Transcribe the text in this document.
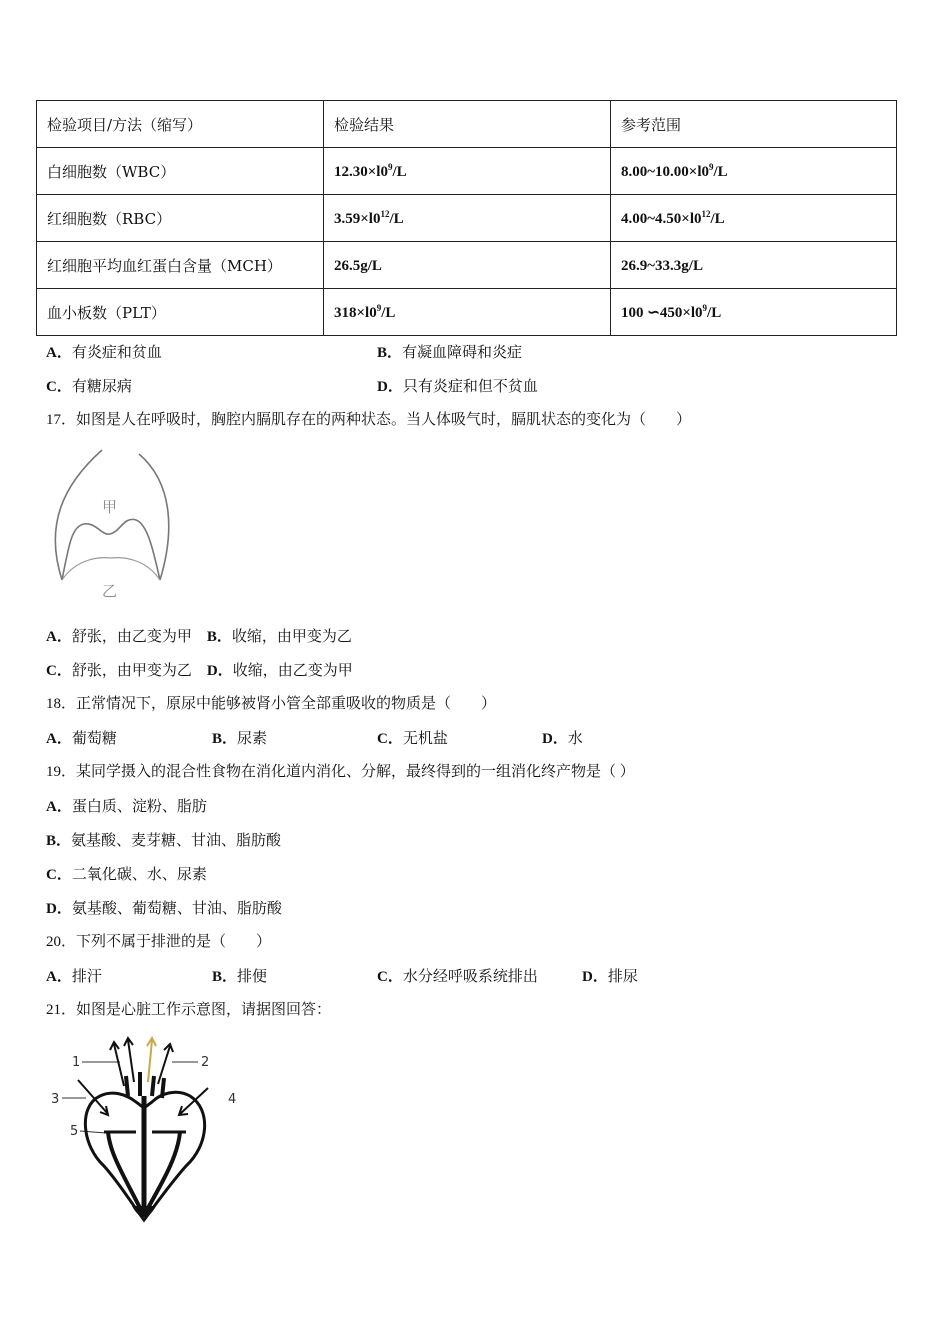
检验项目/方法（缩写）	检验结果	参考范围
白细胞数（WBC）	$12.30\times l0^9/L$	$8.00\sim 10.00\times l0^9/L$
红细胞数（RBC）	$3.59\times l0^{12}/L$	$4.00\sim 4.50\times l0^{12}/L$
红细胞平均血红蛋白含量（MCH）	26.5g/L	26.9~33.3g/L
血小板数（PLT）	$318\times l0^9/L$	100 $∽450\times l0^9/L$
A．有炎症和贫血	B．有凝血障碍和炎症
C．有糖尿病	D．只有炎症和但不贫血
17．如图是人在呼吸时，胸腔内膈肌存在的两种状态。当人体吸气时，膈肌状态的变化为（　　）
甲
乙
A．舒张，由乙变为甲　 B．收缩，由甲变为乙
C．舒张，由甲变为乙　 D．收缩，由乙变为甲
18．正常情况下，原尿中能够被肾小管全部重吸收的物质是（　　）
A．葡萄糖	B．尿素	C．无机盐	D．水
19．某同学摄入的混合性食物在消化道内消化、分解，最终得到的一组消化终产物是（ ）
A．蛋白质、淀粉、脂肪
B．氨基酸、麦芽糖、甘油、脂肪酸
C．二氧化碳、水、尿素
D．氨基酸、葡萄糖、甘油、脂肪酸
20．下列不属于排泄的是（　　）
A．排汗	B．排便	C．水分经呼吸系统排出	D．排尿
21．如图是心脏工作示意图，请据图回答：
1	2
3
5
4
